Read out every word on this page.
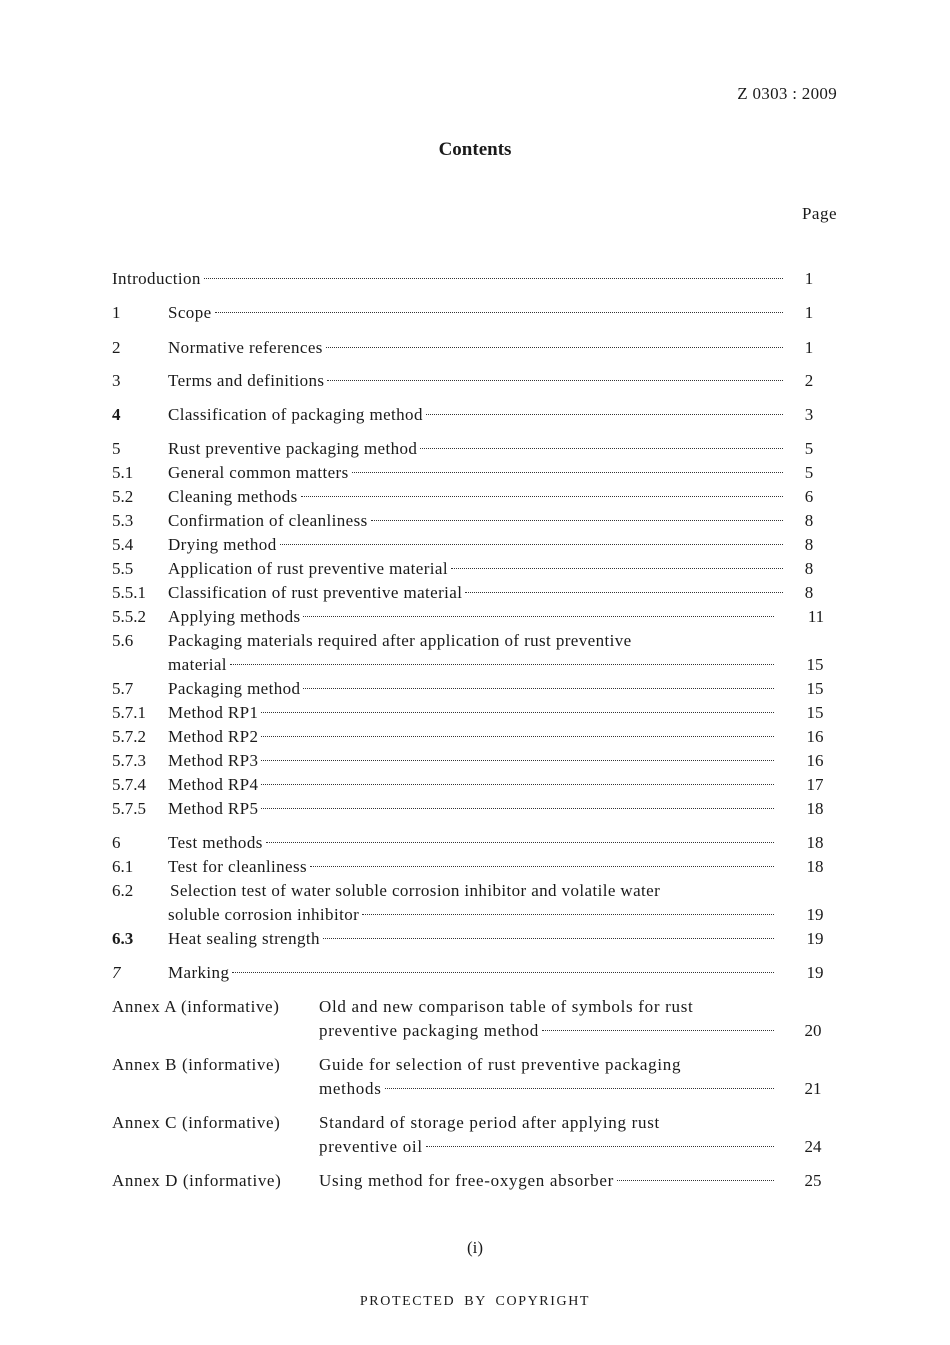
Z 0303 : 2009
Contents
Page
Introduction	1
1	Scope	1
2	Normative references	1
3	Terms and definitions	2
4	Classification of packaging method	3
5	Rust preventive packaging method	5
5.1 General common matters	5
5.2 Cleaning methods	6
5.3 Confirmation of cleanliness	8
5.4 Drying method	8
5.5 Application of rust preventive material	8
5.5.1 Classification of rust preventive material	8
5.5.2 Applying methods	11
5.6 Packaging materials required after application of rust preventive
material	15
5.7 Packaging method	15
5.7.1 Method RP1	15
5.7.2 Method RP2	16
5.7.3 Method RP3	16
5.7.4 Method RP4	17
5.7.5 Method RP5	18
6	Test methods	18
6.1 Test for cleanliness	18
6.2 Selection test of water soluble corrosion inhibitor and volatile water
soluble corrosion inhibitor	19
6.3 Heat sealing strength	19
7	Marking	19
Annex A (informative) Old and new comparison table of symbols for rust
preventive packaging method	20
Annex B (informative) Guide for selection of rust preventive packaging
methods	21
Annex C (informative) Standard of storage period after applying rust
preventive oil	24
Annex D (informative) Using method for free-oxygen absorber	25
(i)
PROTECTED BY COPYRIGHT
